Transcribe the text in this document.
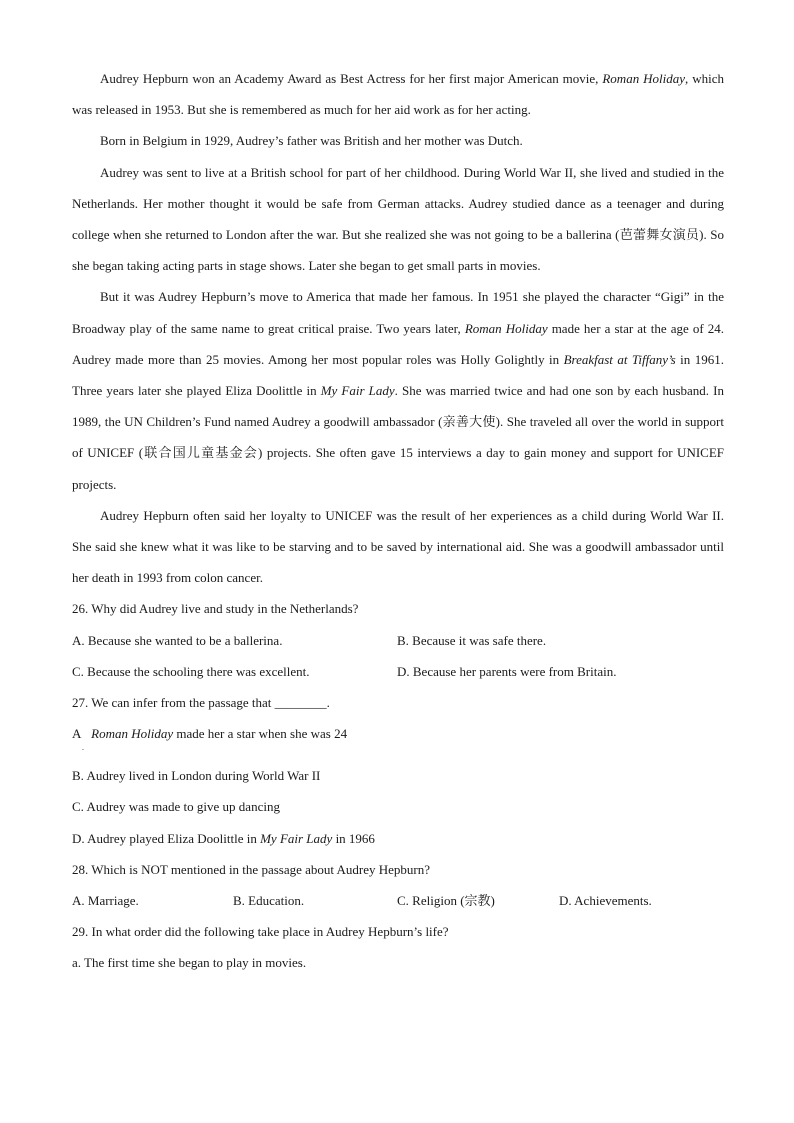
Audrey Hepburn won an Academy Award as Best Actress for her first major American movie, Roman Holiday, which was released in 1953. But she is remembered as much for her aid work as for her acting.

Born in Belgium in 1929, Audrey’s father was British and her mother was Dutch.

Audrey was sent to live at a British school for part of her childhood. During World War II, she lived and studied in the Netherlands. Her mother thought it would be safe from German attacks. Audrey studied dance as a teenager and during college when she returned to London after the war. But she realized she was not going to be a ballerina (芭蕾舞女演员). So she began taking acting parts in stage shows. Later she began to get small parts in movies.

But it was Audrey Hepburn’s move to America that made her famous. In 1951 she played the character “Gigi” in the Broadway play of the same name to great critical praise. Two years later, Roman Holiday made her a star at the age of 24. Audrey made more than 25 movies. Among her most popular roles was Holly Golightly in Breakfast at Tiffany’s in 1961. Three years later she played Eliza Doolittle in My Fair Lady. She was married twice and had one son by each husband. In 1989, the UN Children’s Fund named Audrey a goodwill ambassador (亲善大使). She traveled all over the world in support of UNICEF (联合国儿童基金会) projects. She often gave 15 interviews a day to gain money and support for UNICEF projects.

Audrey Hepburn often said her loyalty to UNICEF was the result of her experiences as a child during World War II. She said she knew what it was like to be starving and to be saved by international aid. She was a goodwill ambassador until her death in 1993 from colon cancer.

26. Why did Audrey live and study in the Netherlands?
A. Because she wanted to be a ballerina.	B. Because it was safe there.
C. Because the schooling there was excellent.	D. Because her parents were from Britain.
27. We can infer from the passage that ________.
A Roman Holiday made her a star when she was 24
.
B. Audrey lived in London during World War II
C. Audrey was made to give up dancing
D. Audrey played Eliza Doolittle in My Fair Lady in 1966
28. Which is NOT mentioned in the passage about Audrey Hepburn?
A. Marriage.	B. Education.	C. Religion (宗教)	D. Achievements.
29. In what order did the following take place in Audrey Hepburn’s life?
a. The first time she began to play in movies.
